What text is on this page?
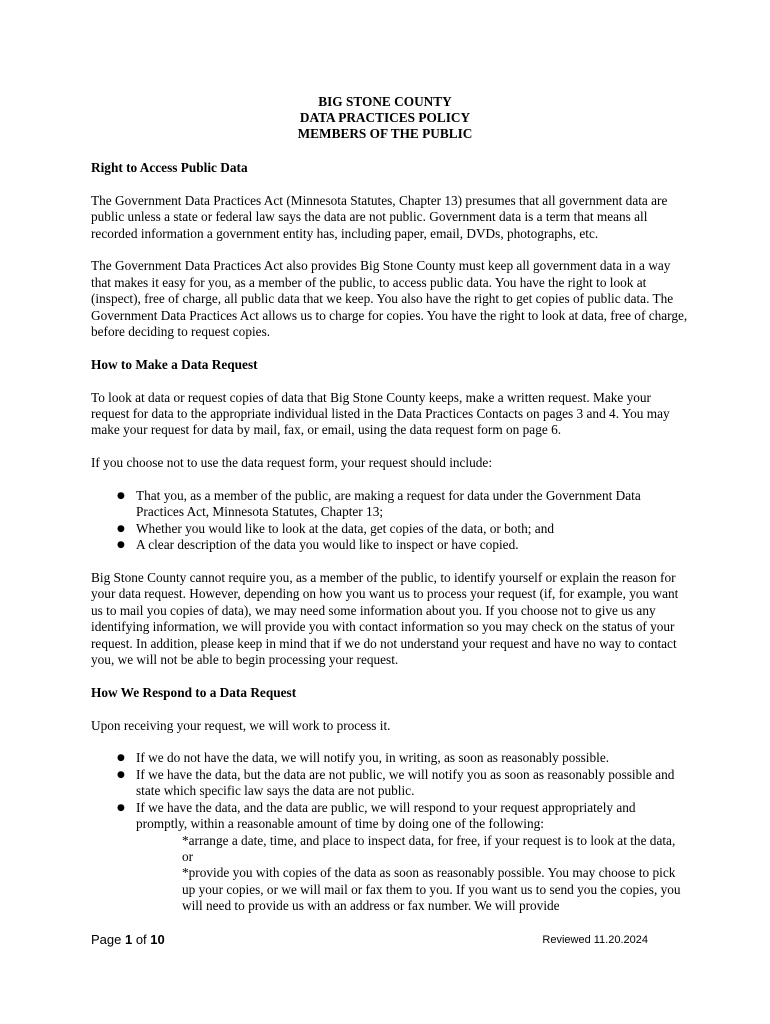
BIG STONE COUNTY
DATA PRACTICES POLICY
MEMBERS OF THE PUBLIC
Right to Access Public Data

The Government Data Practices Act (Minnesota Statutes, Chapter 13) presumes that all government data are public unless a state or federal law says the data are not public. Government data is a term that means all recorded information a government entity has, including paper, email, DVDs, photographs, etc.

The Government Data Practices Act also provides Big Stone County must keep all government data in a way that makes it easy for you, as a member of the public, to access public data. You have the right to look at (inspect), free of charge, all public data that we keep. You also have the right to get copies of public data. The Government Data Practices Act allows us to charge for copies. You have the right to look at data, free of charge, before deciding to request copies.

How to Make a Data Request

To look at data or request copies of data that Big Stone County keeps, make a written request. Make your request for data to the appropriate individual listed in the Data Practices Contacts on pages 3 and 4. You may make your request for data by mail, fax, or email, using the data request form on page 6.

If you choose not to use the data request form, your request should include:

● That you, as a member of the public, are making a request for data under the Government Data Practices Act, Minnesota Statutes, Chapter 13;
● Whether you would like to look at the data, get copies of the data, or both; and
● A clear description of the data you would like to inspect or have copied.

Big Stone County cannot require you, as a member of the public, to identify yourself or explain the reason for your data request. However, depending on how you want us to process your request (if, for example, you want us to mail you copies of data), we may need some information about you. If you choose not to give us any identifying information, we will provide you with contact information so you may check on the status of your request. In addition, please keep in mind that if we do not understand your request and have no way to contact you, we will not be able to begin processing your request.

How We Respond to a Data Request

Upon receiving your request, we will work to process it.

● If we do not have the data, we will notify you, in writing, as soon as reasonably possible.
● If we have the data, but the data are not public, we will notify you as soon as reasonably possible and state which specific law says the data are not public.
● If we have the data, and the data are public, we will respond to your request appropriately and promptly, within a reasonable amount of time by doing one of the following:
*arrange a date, time, and place to inspect data, for free, if your request is to look at the data, or
*provide you with copies of the data as soon as reasonably possible. You may choose to pick up your copies, or we will mail or fax them to you. If you want us to send you the copies, you will need to provide us with an address or fax number. We will provide
Page 1 of 10	Reviewed 11.20.2024
